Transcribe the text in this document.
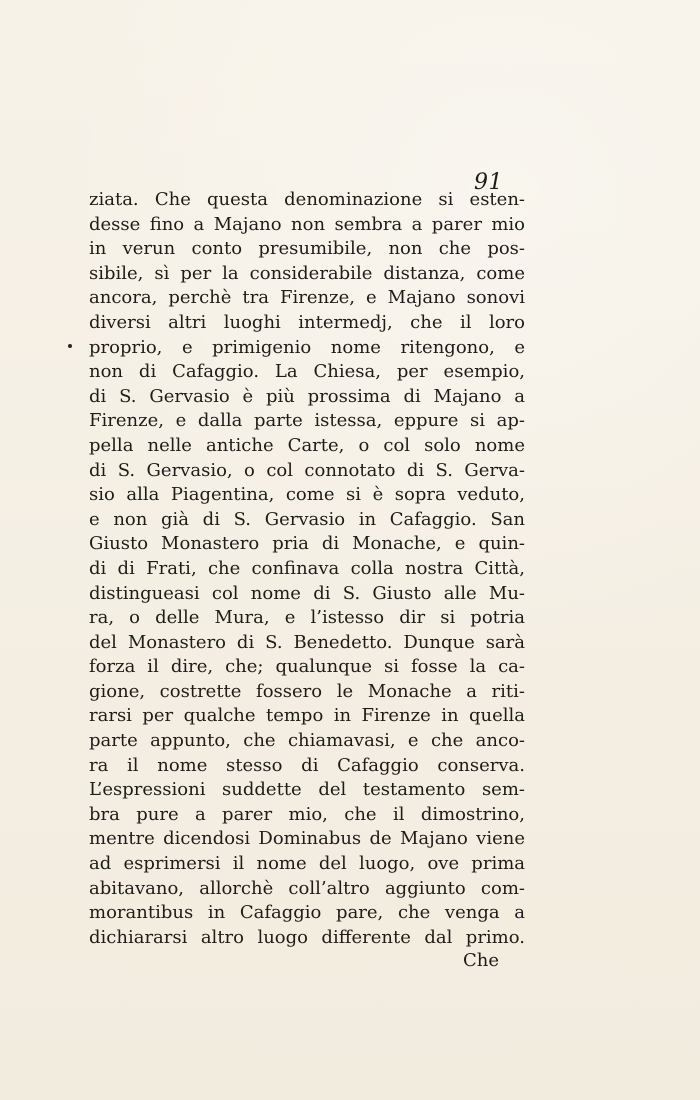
91
ziata. Che questa denominazione si esten-
desse fino a Majano non sembra a parer mio
in verun conto presumibile, non che pos-
sibile, sì per la considerabile distanza, come
ancora, perchè tra Firenze, e Majano sonovi
diversi altri luoghi intermedj, che il loro
proprio, e primigenio nome ritengono, e
non di Cafaggio. La Chiesa, per esempio,
di S. Gervasio è più prossima di Majano a
Firenze, e dalla parte istessa, eppure si ap-
pella nelle antiche Carte, o col solo nome
di S. Gervasio, o col connotato di S. Gerva-
sio alla Piagentina, come si è sopra veduto,
e non già di S. Gervasio in Cafaggio. San
Giusto Monastero pria di Monache, e quin-
di di Frati, che confinava colla nostra Città,
distingueasi col nome di S. Giusto alle Mu-
ra, o delle Mura, e l’istesso dir si potria
del Monastero di S. Benedetto. Dunque sarà
forza il dire, che; qualunque si fosse la ca-
gione, costrette fossero le Monache a riti-
rarsi per qualche tempo in Firenze in quella
parte appunto, che chiamavasi, e che anco-
ra il nome stesso di Cafaggio conserva.
L’espressioni suddette del testamento sem-
bra pure a parer mio, che il dimostrino,
mentre dicendosi Dominabus de Majano viene
ad esprimersi il nome del luogo, ove prima
abitavano, allorchè coll’altro aggiunto com-
morantibus in Cafaggio pare, che venga a
dichiararsi altro luogo differente dal primo.
Che
